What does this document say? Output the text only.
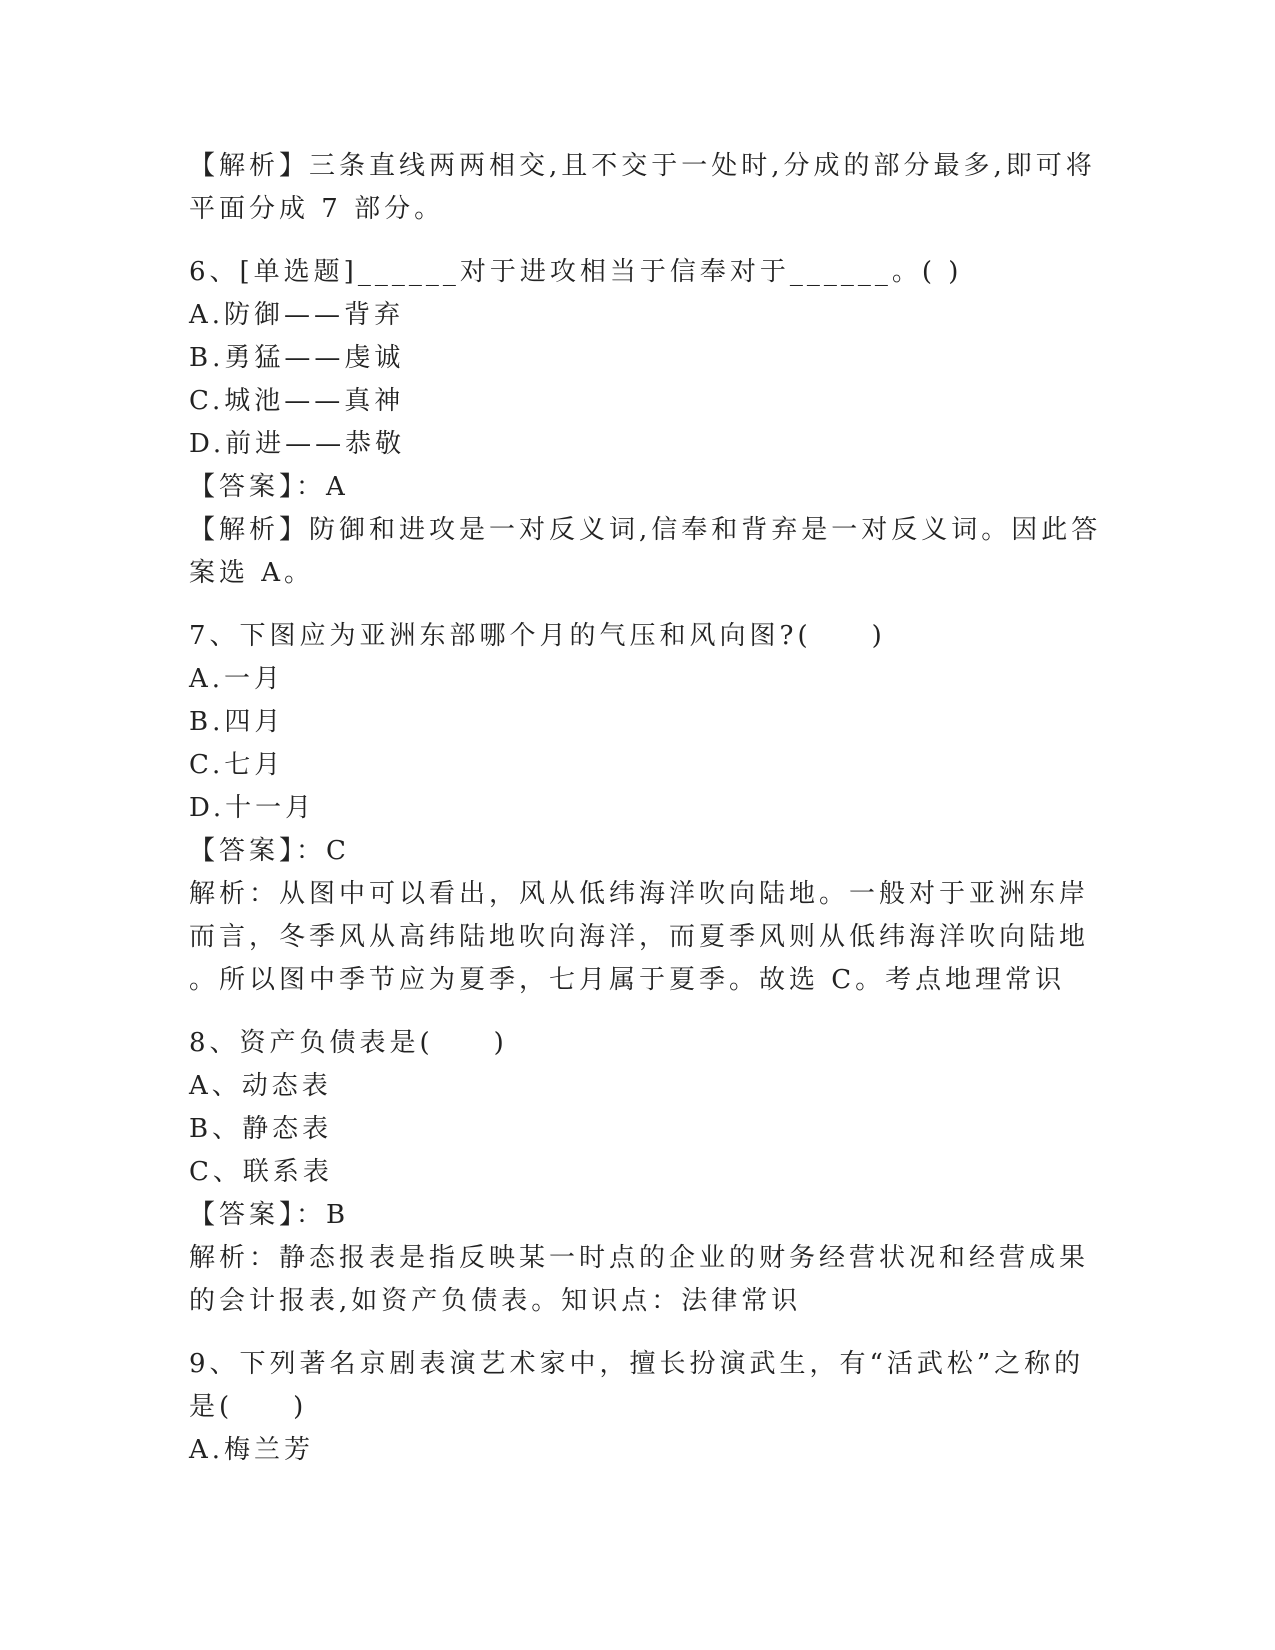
【解析】三条直线两两相交,且不交于一处时,分成的部分最多,即可将
平面分成 7 部分。
6、[单选题]______对于进攻相当于信奉对于______。( )
A.防御——背弃
B.勇猛——虔诚
C.城池——真神
D.前进——恭敬
【答案】：A
【解析】防御和进攻是一对反义词,信奉和背弃是一对反义词。因此答
案选 A。
7、下图应为亚洲东部哪个月的气压和风向图?(　　)
A.一月
B.四月
C.七月
D.十一月
【答案】：C
解析：从图中可以看出，风从低纬海洋吹向陆地。一般对于亚洲东岸
而言，冬季风从高纬陆地吹向海洋，而夏季风则从低纬海洋吹向陆地
。所以图中季节应为夏季，七月属于夏季。故选 C。考点地理常识
8、资产负债表是(　　)
A、动态表
B、静态表
C、联系表
【答案】：B
解析：静态报表是指反映某一时点的企业的财务经营状况和经营成果
的会计报表,如资产负债表。知识点：法律常识
9、下列著名京剧表演艺术家中，擅长扮演武生，有“活武松”之称的
是(　　)
A.梅兰芳
